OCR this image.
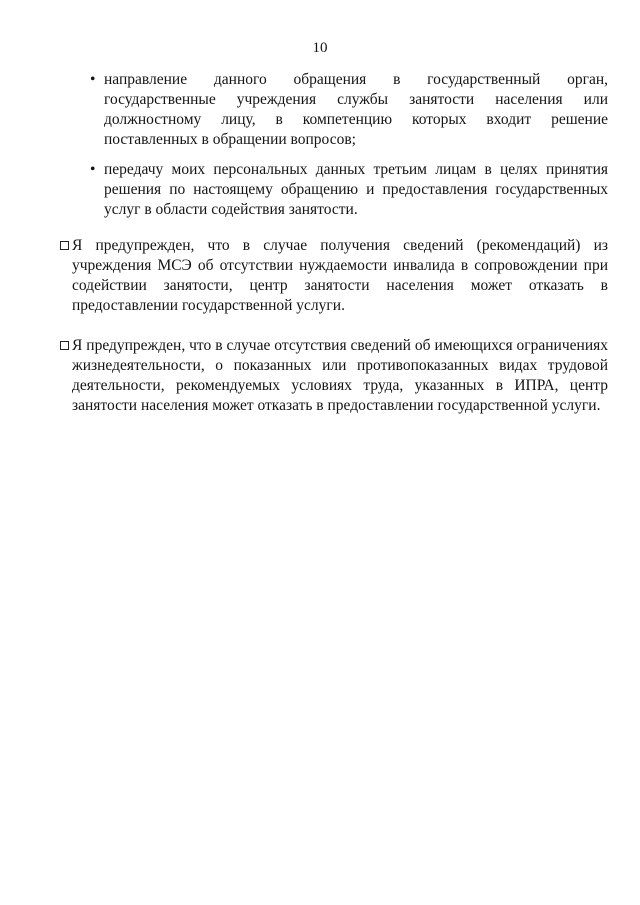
10
• направление данного обращения в государственный орган, государственные учреждения службы занятости населения или должностному лицу, в компетенцию которых входит решение поставленных в обращении вопросов;
• передачу моих персональных данных третьим лицам в целях принятия решения по настоящему обращению и предоставления государственных услуг в области содействия занятости.
Я предупрежден, что в случае получения сведений (рекомендаций) из учреждения МСЭ об отсутствии нуждаемости инвалида в сопровождении при содействии занятости, центр занятости населения может отказать в предоставлении государственной услуги.
Я предупрежден, что в случае отсутствия сведений об имеющихся ограничениях жизнедеятельности, о показанных или противопоказанных видах трудовой деятельности, рекомендуемых условиях труда, указанных в ИПРА, центр занятости населения может отказать в предоставлении государственной услуги.
